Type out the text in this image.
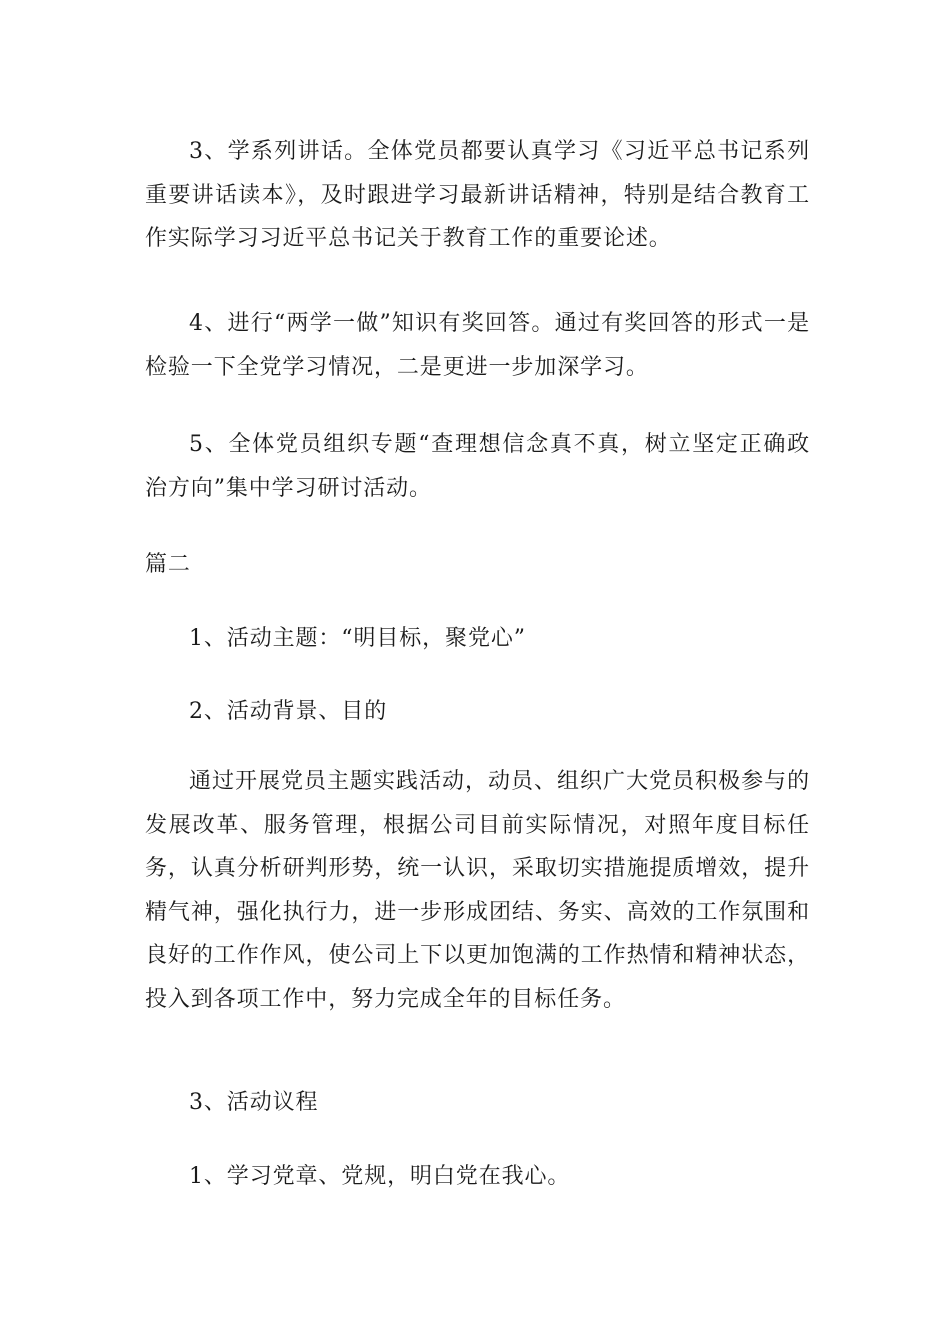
3、学系列讲话。全体党员都要认真学习《习近平总书记系列重要讲话读本》，及时跟进学习最新讲话精神，特别是结合教育工作实际学习习近平总书记关于教育工作的重要论述。

4、进行“两学一做”知识有奖回答。通过有奖回答的形式一是检验一下全党学习情况，二是更进一步加深学习。

5、全体党员组织专题“查理想信念真不真，树立坚定正确政治方向”集中学习研讨活动。

篇二

1、活动主题：“明目标，聚党心”

2、活动背景、目的

通过开展党员主题实践活动，动员、组织广大党员积极参与的发展改革、服务管理，根据公司目前实际情况，对照年度目标任务，认真分析研判形势，统一认识，采取切实措施提质增效，提升精气神，强化执行力，进一步形成团结、务实、高效的工作氛围和良好的工作作风，使公司上下以更加饱满的工作热情和精神状态，投入到各项工作中，努力完成全年的目标任务。

3、活动议程

1、学习党章、党规，明白党在我心。
